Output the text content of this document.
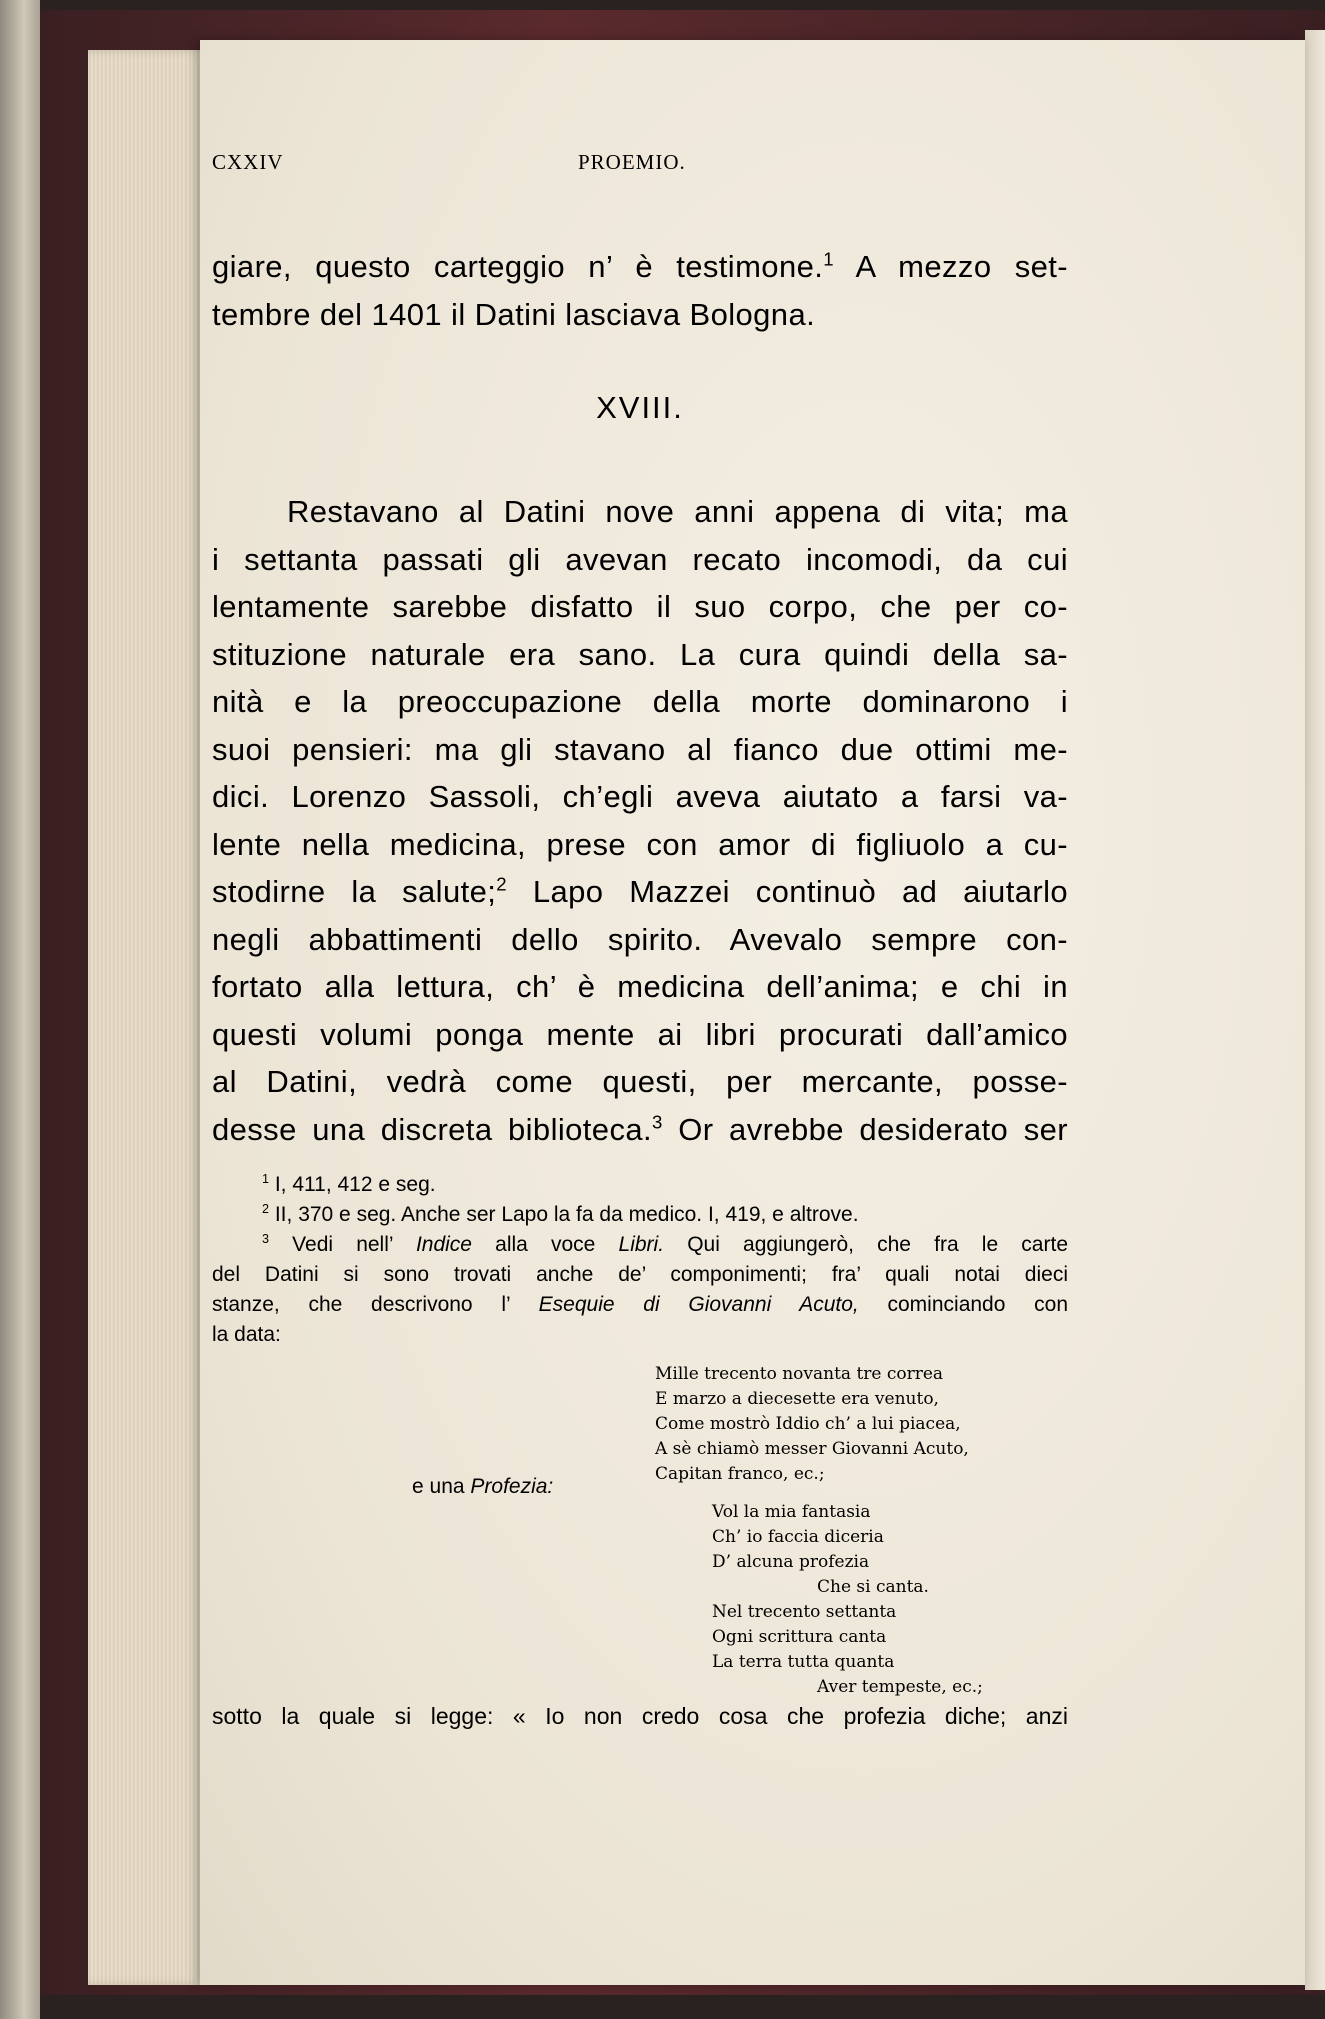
CXXIV	PROEMIO.
giare, questo carteggio n’ è testimone.$^1$ A mezzo set-
tembre del 1401 il Datini lasciava Bologna.
XVIII.
Restavano al Datini nove anni appena di vita; ma
i settanta passati gli avevan recato incomodi, da cui
lentamente sarebbe disfatto il suo corpo, che per co-
stituzione naturale era sano. La cura quindi della sa-
nità e la preoccupazione della morte dominarono i
suoi pensieri: ma gli stavano al fianco due ottimi me-
dici. Lorenzo Sassoli, ch’egli aveva aiutato a farsi va-
lente nella medicina, prese con amor di figliuolo a cu-
stodirne la salute;$^2$ Lapo Mazzei continuò ad aiutarlo
negli abbattimenti dello spirito. Avevalo sempre con-
fortato alla lettura, ch’ è medicina dell’anima; e chi in
questi volumi ponga mente ai libri procurati dall’amico
al Datini, vedrà come questi, per mercante, posse-
desse una discreta biblioteca.$^3$ Or avrebbe desiderato ser
$^1$ I, 411, 412 e seg.
$^2$ II, 370 e seg. Anche ser Lapo la fa da medico. I, 419, e altrove.
$^3$ Vedi nell’ Indice alla voce Libri. Qui aggiungerò, che fra le carte
del Datini si sono trovati anche de’ componimenti; fra’ quali notai dieci
stanze, che descrivono l’ Esequie di Giovanni Acuto, cominciando con
la data:
Mille trecento novanta tre correa
E marzo a diecesette era venuto,
Come mostrò Iddio ch’ a lui piacea,
A sè chiamò messer Giovanni Acuto,
Capitan franco, ec.;
e una Profezia:
Vol la mia fantasia
Ch’ io faccia diceria
D’ alcuna profezia
Che si canta.
Nel trecento settanta
Ogni scrittura canta
La terra tutta quanta
Aver tempeste, ec.;
sotto la quale si legge: « Io non credo cosa che profezia diche; anzi
